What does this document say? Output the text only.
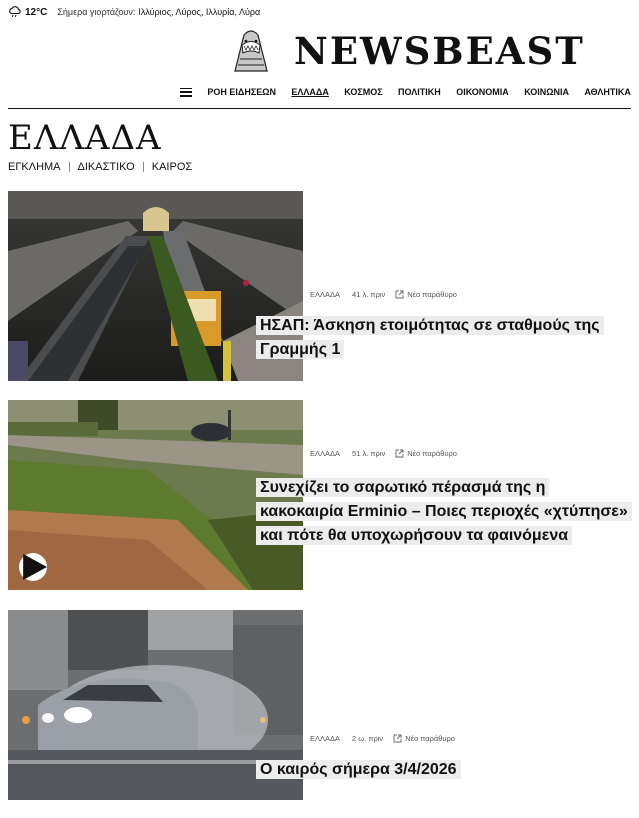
12°C Σήμερα γιορτάζουν: Ιλλύριος, Λύρος, Ιλλυρία, Λύρα
NEWSBEAST
ΡΟΗ ΕΙΔΗΣΕΩΝ ΕΛΛΑΔΑ ΚΟΣΜΟΣ ΠΟΛΙΤΙΚΗ ΟΙΚΟΝΟΜΙΑ ΚΟΙΝΩΝΙΑ ΑΘΛΗΤΙΚΑ
ΕΛΛΑΔΑ
ΕΓΚΛΗΜΑ ΔΙΚΑΣΤΙΚΟ ΚΑΙΡΟΣ
ΕΛΛΑΔΑ 41 λ. πριν	Νέο παράθυρο
ΗΣΑΠ: Άσκηση ετοιμότητας σε σταθμούς της Γραμμής 1
ΕΛΛΑΔΑ 51 λ. πριν	Νέο παράθυρο
Συνεχίζει το σαρωτικό πέρασμά της η κακοκαιρία Erminio – Ποιες περιοχές «χτύπησε» και πότε θα υποχωρήσουν τα φαινόμενα
ΕΛΛΑΔΑ 2 ω. πριν	Νέο παράθυρο
Ο καιρός σήμερα 3/4/2026
